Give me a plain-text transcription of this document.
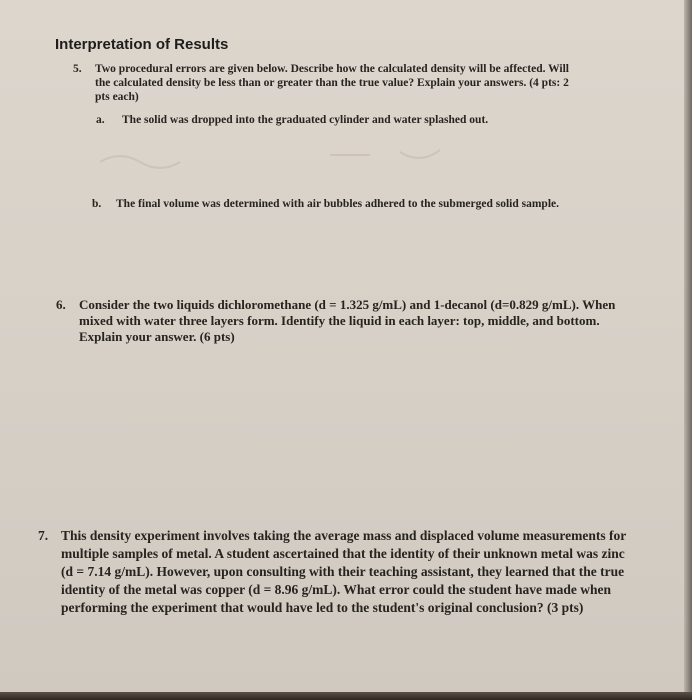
Interpretation of Results
5. Two procedural errors are given below. Describe how the calculated density will be affected. Will the calculated density be less than or greater than the true value? Explain your answers. (4 pts: 2 pts each)
a. The solid was dropped into the graduated cylinder and water splashed out.
b. The final volume was determined with air bubbles adhered to the submerged solid sample.
6. Consider the two liquids dichloromethane (d = 1.325 g/mL) and 1-decanol (d=0.829 g/mL). When mixed with water three layers form. Identify the liquid in each layer: top, middle, and bottom. Explain your answer. (6 pts)
7. This density experiment involves taking the average mass and displaced volume measurements for multiple samples of metal. A student ascertained that the identity of their unknown metal was zinc (d = 7.14 g/mL). However, upon consulting with their teaching assistant, they learned that the true identity of the metal was copper (d = 8.96 g/mL). What error could the student have made when performing the experiment that would have led to the student's original conclusion? (3 pts)
